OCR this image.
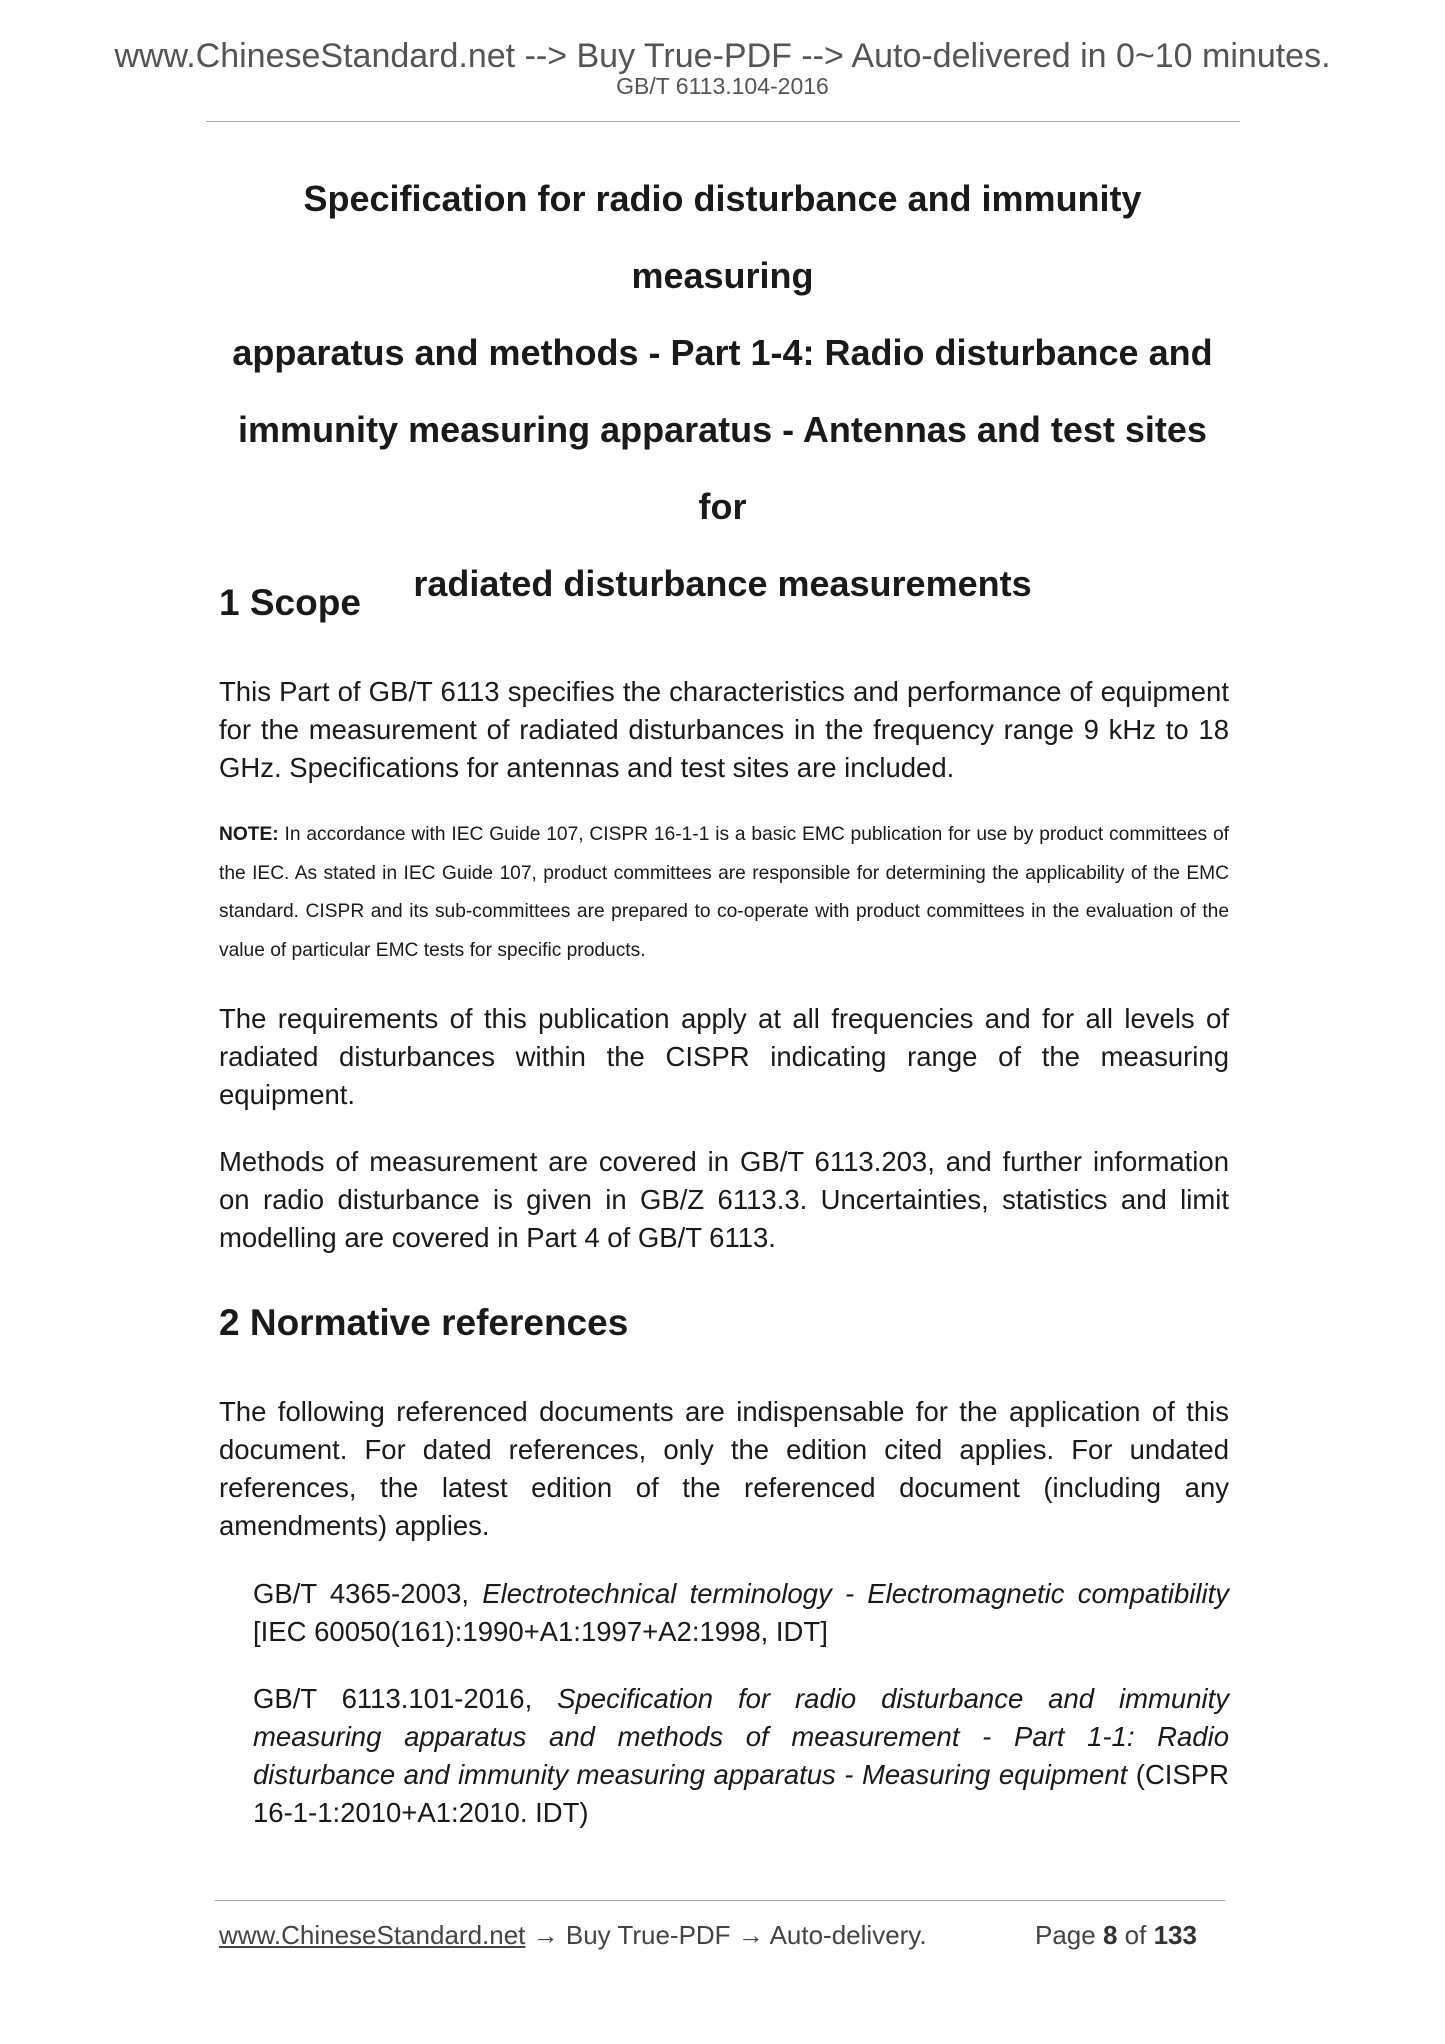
www.ChineseStandard.net --> Buy True-PDF --> Auto-delivered in 0~10 minutes.
GB/T 6113.104-2016
Specification for radio disturbance and immunity measuring
apparatus and methods - Part 1-4: Radio disturbance and
immunity measuring apparatus - Antennas and test sites for
radiated disturbance measurements
1 Scope
This Part of GB/T 6113 specifies the characteristics and performance of equipment for the measurement of radiated disturbances in the frequency range 9 kHz to 18 GHz. Specifications for antennas and test sites are included.
NOTE: In accordance with IEC Guide 107, CISPR 16-1-1 is a basic EMC publication for use by product committees of the IEC. As stated in IEC Guide 107, product committees are responsible for determining the applicability of the EMC standard. CISPR and its sub-committees are prepared to co-operate with product committees in the evaluation of the value of particular EMC tests for specific products.
The requirements of this publication apply at all frequencies and for all levels of radiated disturbances within the CISPR indicating range of the measuring equipment.
Methods of measurement are covered in GB/T 6113.203, and further information on radio disturbance is given in GB/Z 6113.3. Uncertainties, statistics and limit modelling are covered in Part 4 of GB/T 6113.
2 Normative references
The following referenced documents are indispensable for the application of this document. For dated references, only the edition cited applies. For undated references, the latest edition of the referenced document (including any amendments) applies.
GB/T 4365-2003, Electrotechnical terminology - Electromagnetic compatibility [IEC 60050(161):1990+A1:1997+A2:1998, IDT]
GB/T 6113.101-2016, Specification for radio disturbance and immunity measuring apparatus and methods of measurement - Part 1-1: Radio disturbance and immunity measuring apparatus - Measuring equipment (CISPR 16-1-1:2010+A1:2010. IDT)
www.ChineseStandard.net → Buy True-PDF → Auto-delivery.	Page 8 of 133
